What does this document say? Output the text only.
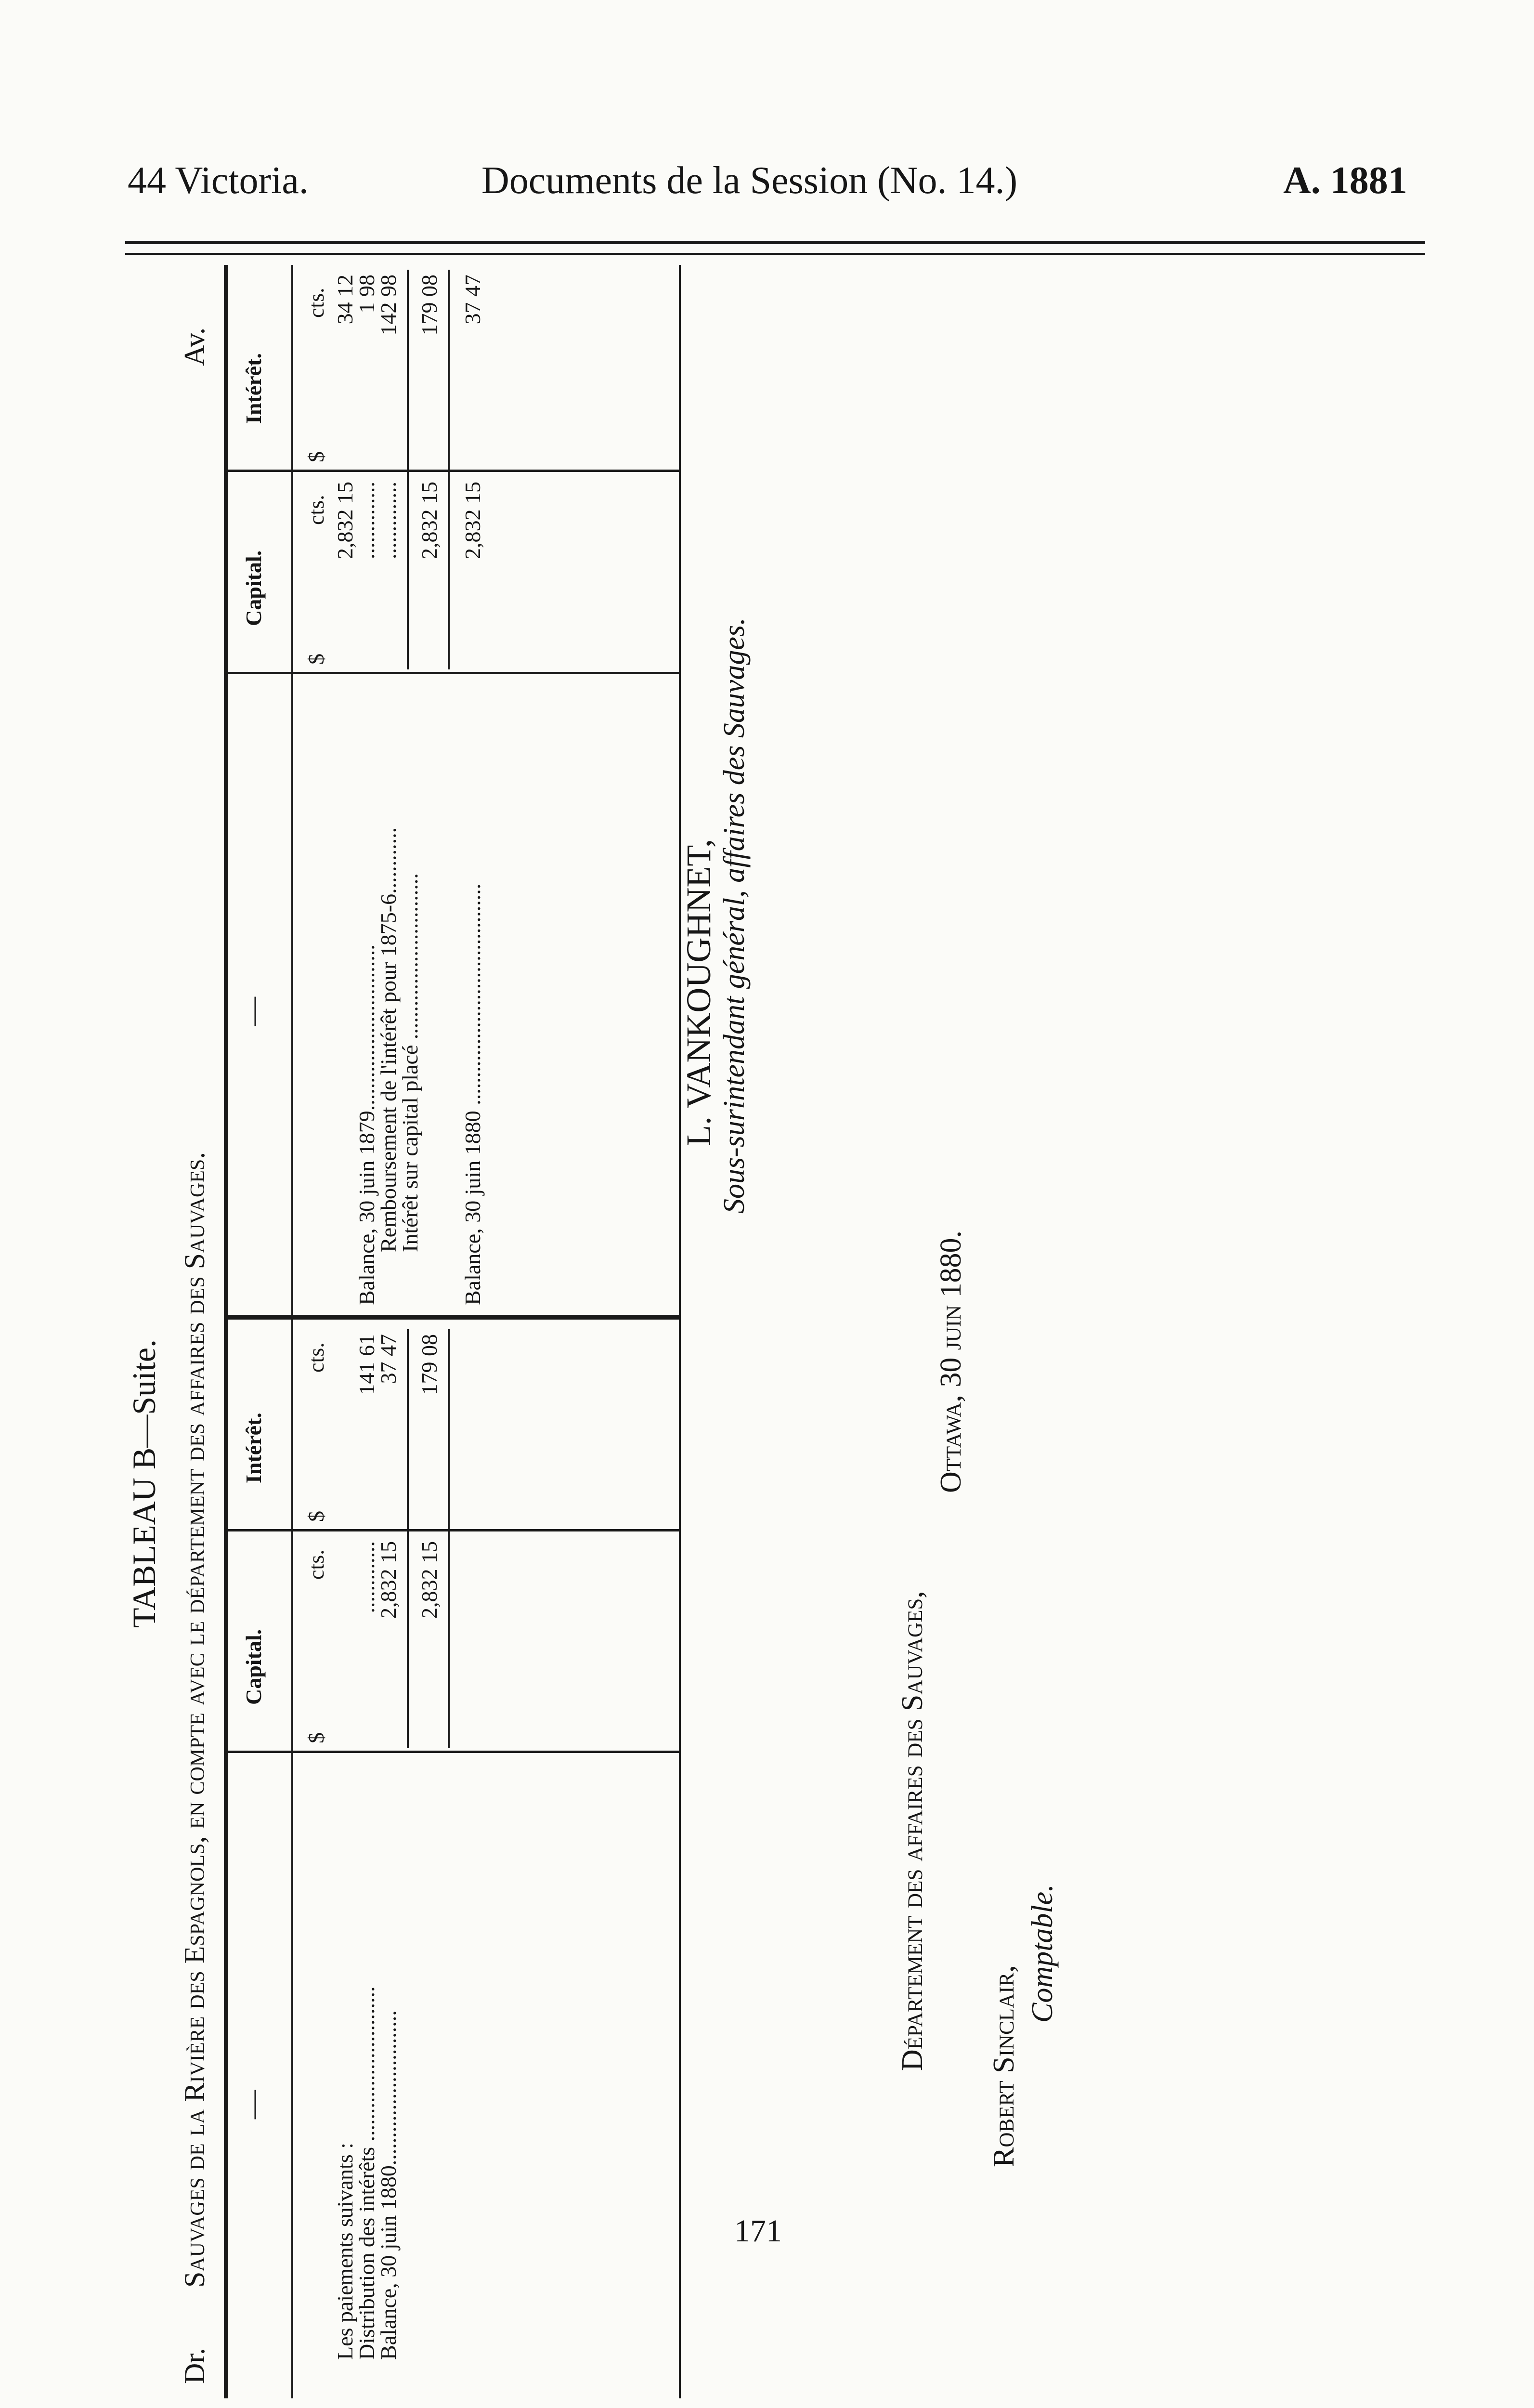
44 Victoria.	Documents de la Session (No. 14.)	A. 1881
TABLEAU B—Suite.
Dr.
Sauvages de la Rivière des Espagnols, en compte avec le département des affaires des Sauvages.
Av.
—
Capital.
Intérêt.
—
Capital.
Intérêt.
$
cts.
$
cts.
$
cts.
$
cts.
Les paiements suivants :
Distribution des intérêts ............................
.............
141 61
Balance, 30 juin 1880............................
2,832 15
37 47
2,832 15
179 08
Balance, 30 juin 1879..............................
2,832 15
34 12
Remboursement de l'intérêt pour 1875-6............
..............
1 98
Intérêt sur capital placé ..............................
..............
142 98
2,832 15
179 08
Balance, 30 juin 1880 ........................................
2,832 15
37 47
L. VANKOUGHNET, Sous-surintendant général, affaires des Sauvages.
Département des affaires des Sauvages,
Ottawa, 30 juin 1880.
Robert Sinclair,
Comptable.
171
